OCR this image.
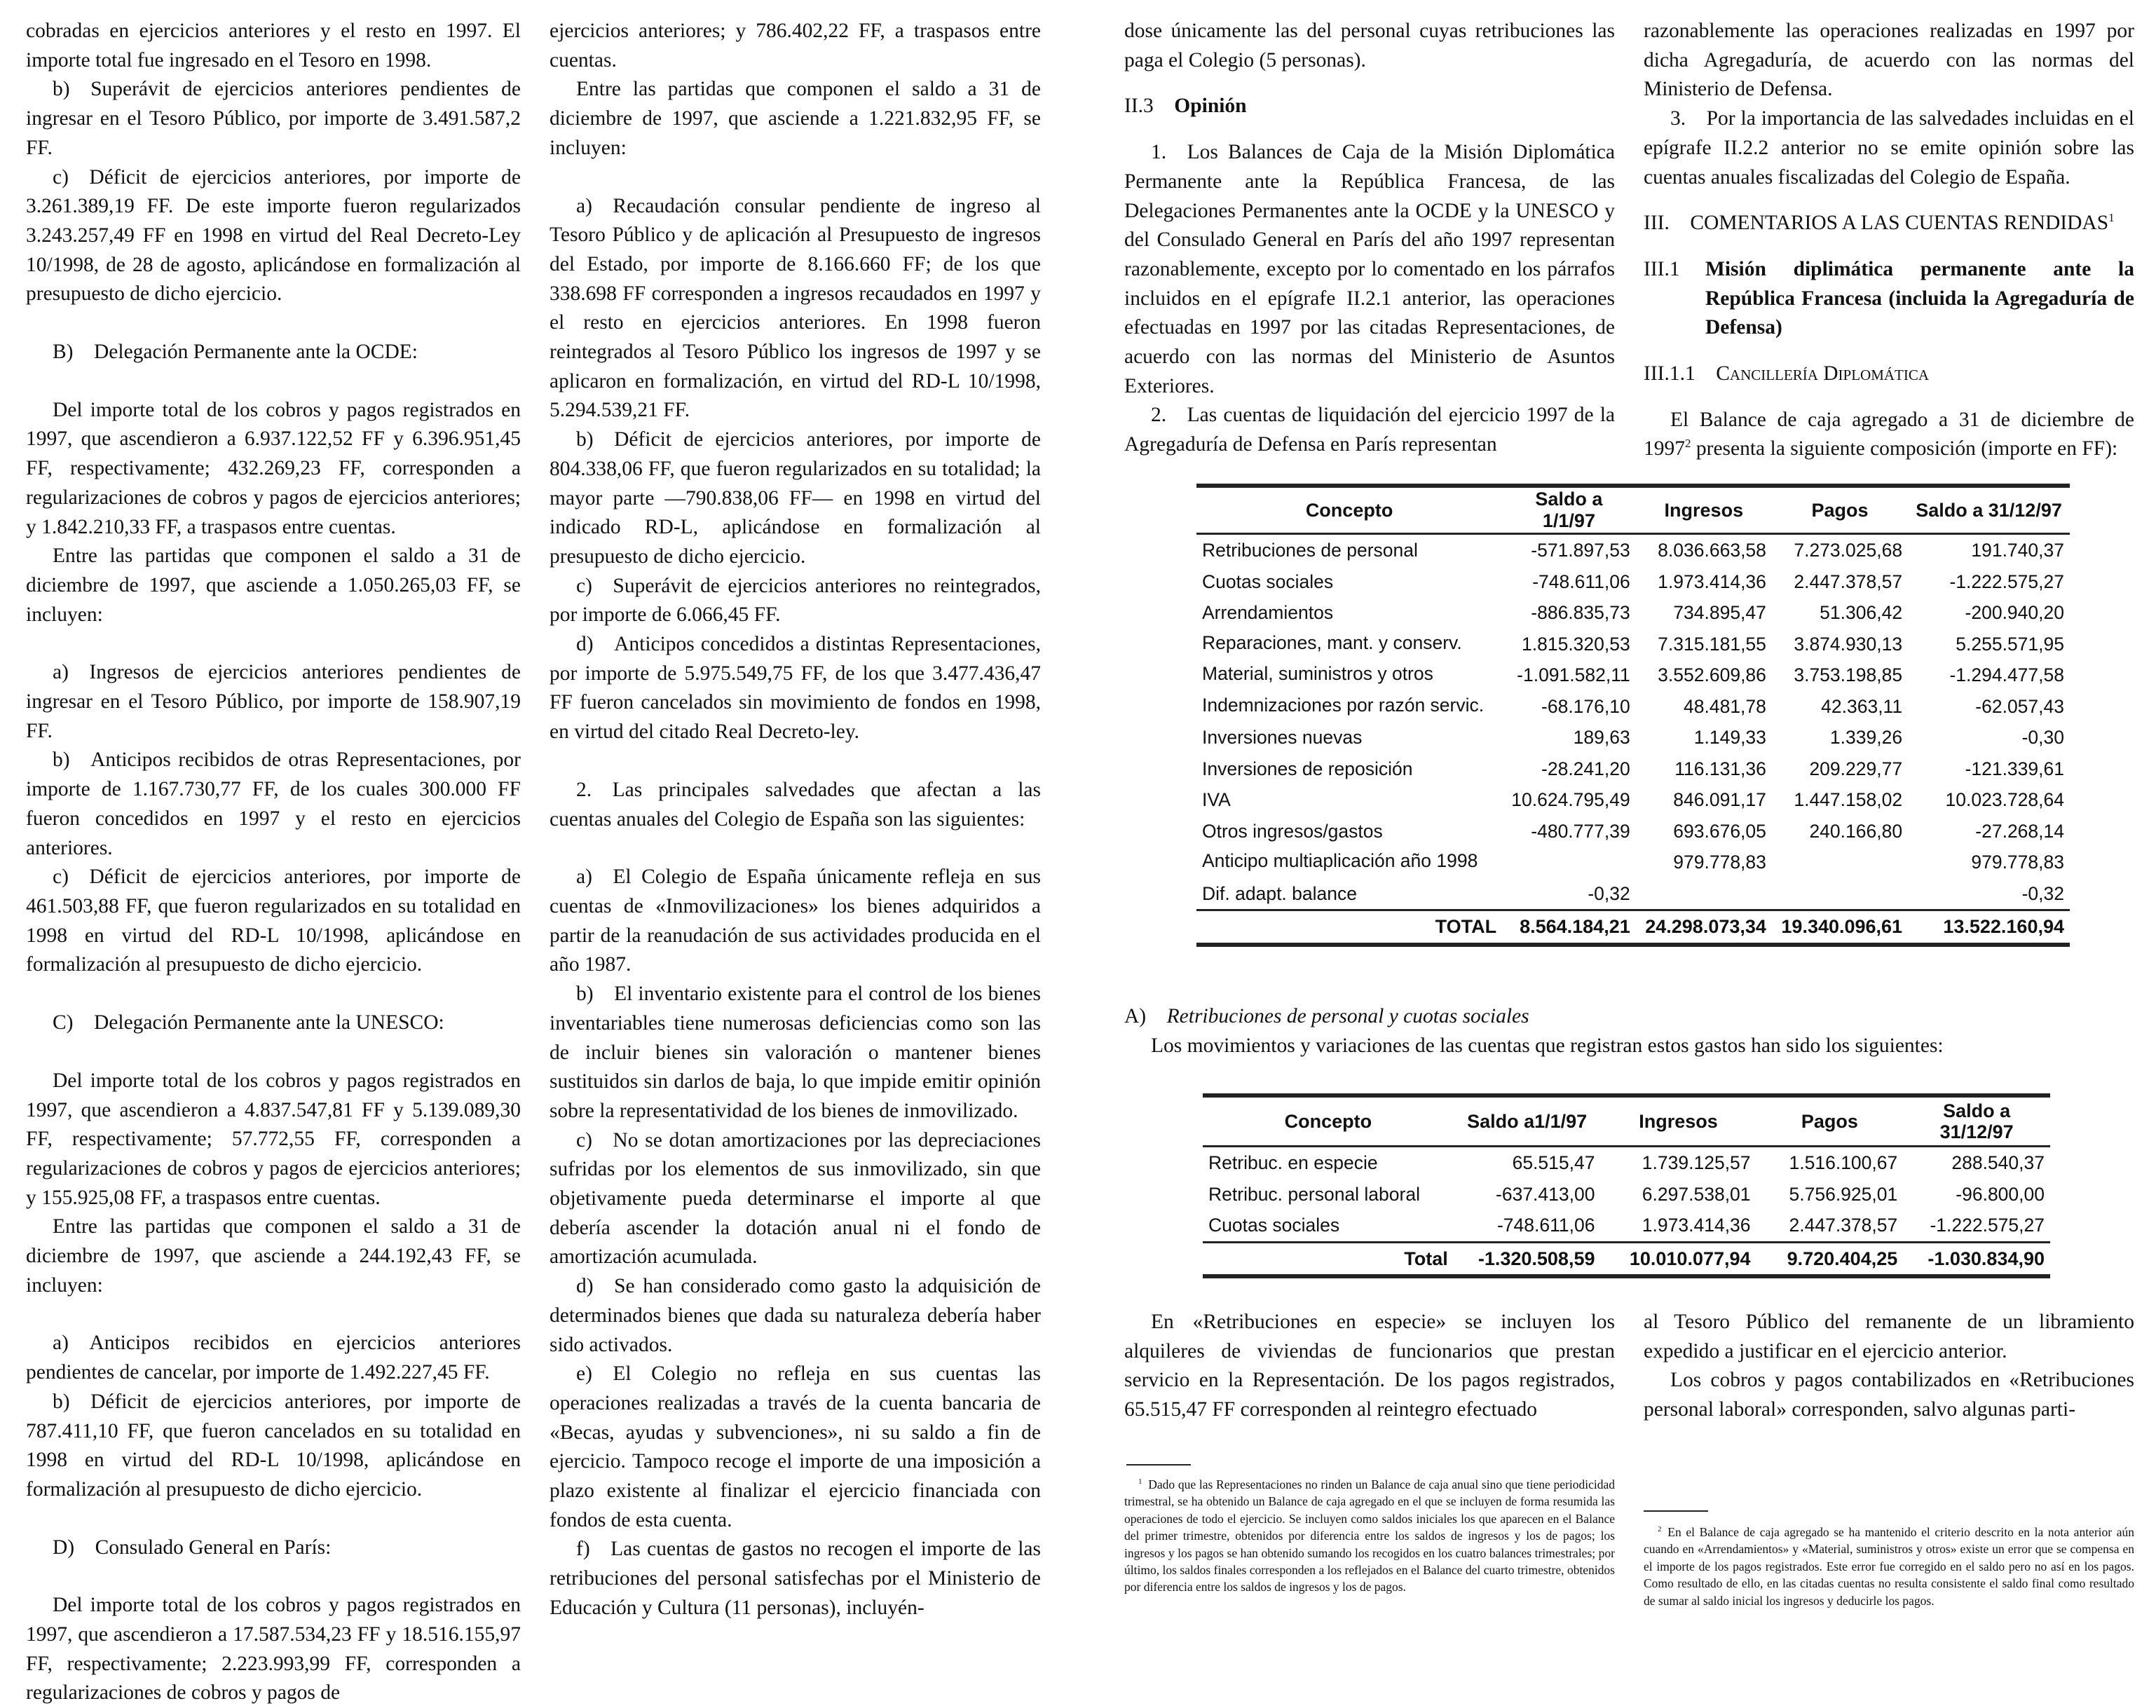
cobradas en ejercicios anteriores y el resto en 1997. El importe total fue ingresado en el Tesoro en 1998.

b) Superávit de ejercicios anteriores pendientes de ingresar en el Tesoro Público, por importe de 3.491.587,2 FF.

c) Déficit de ejercicios anteriores, por importe de 3.261.389,19 FF. De este importe fueron regularizados 3.243.257,49 FF en 1998 en virtud del Real Decreto-Ley 10/1998, de 28 de agosto, aplicándose en formalización al presupuesto de dicho ejercicio.

B) Delegación Permanente ante la OCDE:

Del importe total de los cobros y pagos registrados en 1997, que ascendieron a 6.937.122,52 FF y 6.396.951,45 FF, respectivamente; 432.269,23 FF, corresponden a regularizaciones de cobros y pagos de ejercicios anteriores; y 1.842.210,33 FF, a traspasos entre cuentas.

Entre las partidas que componen el saldo a 31 de diciembre de 1997, que asciende a 1.050.265,03 FF, se incluyen:

a) Ingresos de ejercicios anteriores pendientes de ingresar en el Tesoro Público, por importe de 158.907,19 FF.

b) Anticipos recibidos de otras Representaciones, por importe de 1.167.730,77 FF, de los cuales 300.000 FF fueron concedidos en 1997 y el resto en ejercicios anteriores.

c) Déficit de ejercicios anteriores, por importe de 461.503,88 FF, que fueron regularizados en su totalidad en 1998 en virtud del RD-L 10/1998, aplicándose en formalización al presupuesto de dicho ejercicio.

C) Delegación Permanente ante la UNESCO:

Del importe total de los cobros y pagos registrados en 1997, que ascendieron a 4.837.547,81 FF y 5.139.089,30 FF, respectivamente; 57.772,55 FF, corresponden a regularizaciones de cobros y pagos de ejercicios anteriores; y 155.925,08 FF, a traspasos entre cuentas.

Entre las partidas que componen el saldo a 31 de diciembre de 1997, que asciende a 244.192,43 FF, se incluyen:

a) Anticipos recibidos en ejercicios anteriores pendientes de cancelar, por importe de 1.492.227,45 FF.

b) Déficit de ejercicios anteriores, por importe de 787.411,10 FF, que fueron cancelados en su totalidad en 1998 en virtud del RD-L 10/1998, aplicándose en formalización al presupuesto de dicho ejercicio.

D) Consulado General en París:

Del importe total de los cobros y pagos registrados en 1997, que ascendieron a 17.587.534,23 FF y 18.516.155,97 FF, respectivamente; 2.223.993,99 FF, corresponden a regularizaciones de cobros y pagos de

ejercicios anteriores; y 786.402,22 FF, a traspasos entre cuentas.

Entre las partidas que componen el saldo a 31 de diciembre de 1997, que asciende a 1.221.832,95 FF, se incluyen:

a) Recaudación consular pendiente de ingreso al Tesoro Público y de aplicación al Presupuesto de ingresos del Estado, por importe de 8.166.660 FF; de los que 338.698 FF corresponden a ingresos recaudados en 1997 y el resto en ejercicios anteriores. En 1998 fueron reintegrados al Tesoro Público los ingresos de 1997 y se aplicaron en formalización, en virtud del RD-L 10/1998, 5.294.539,21 FF.

b) Déficit de ejercicios anteriores, por importe de 804.338,06 FF, que fueron regularizados en su totalidad; la mayor parte —790.838,06 FF— en 1998 en virtud del indicado RD-L, aplicándose en formalización al presupuesto de dicho ejercicio.

c) Superávit de ejercicios anteriores no reintegrados, por importe de 6.066,45 FF.

d) Anticipos concedidos a distintas Representaciones, por importe de 5.975.549,75 FF, de los que 3.477.436,47 FF fueron cancelados sin movimiento de fondos en 1998, en virtud del citado Real Decreto-ley.

2. Las principales salvedades que afectan a las cuentas anuales del Colegio de España son las siguientes:

a) El Colegio de España únicamente refleja en sus cuentas de «Inmovilizaciones» los bienes adquiridos a partir de la reanudación de sus actividades producida en el año 1987.

b) El inventario existente para el control de los bienes inventariables tiene numerosas deficiencias como son las de incluir bienes sin valoración o mantener bienes sustituidos sin darlos de baja, lo que impide emitir opinión sobre la representatividad de los bienes de inmovilizado.

c) No se dotan amortizaciones por las depreciaciones sufridas por los elementos de sus inmovilizado, sin que objetivamente pueda determinarse el importe al que debería ascender la dotación anual ni el fondo de amortización acumulada.

d) Se han considerado como gasto la adquisición de determinados bienes que dada su naturaleza debería haber sido activados.

e) El Colegio no refleja en sus cuentas las operaciones realizadas a través de la cuenta bancaria de «Becas, ayudas y subvenciones», ni su saldo a fin de ejercicio. Tampoco recoge el importe de una imposición a plazo existente al finalizar el ejercicio financiada con fondos de esta cuenta.

f) Las cuentas de gastos no recogen el importe de las retribuciones del personal satisfechas por el Ministerio de Educación y Cultura (11 personas), incluyén-

dose únicamente las del personal cuyas retribuciones las paga el Colegio (5 personas).

II.3  Opinión

1. Los Balances de Caja de la Misión Diplomática Permanente ante la República Francesa, de las Delegaciones Permanentes ante la OCDE y la UNESCO y del Consulado General en París del año 1997 representan razonablemente, excepto por lo comentado en los párrafos incluidos en el epígrafe II.2.1 anterior, las operaciones efectuadas en 1997 por las citadas Representaciones, de acuerdo con las normas del Ministerio de Asuntos Exteriores.

2. Las cuentas de liquidación del ejercicio 1997 de la Agregaduría de Defensa en París representan

razonablemente las operaciones realizadas en 1997 por dicha Agregaduría, de acuerdo con las normas del Ministerio de Defensa.

3. Por la importancia de las salvedades incluidas en el epígrafe II.2.2 anterior no se emite opinión sobre las cuentas anuales fiscalizadas del Colegio de España.

III. COMENTARIOS A LAS CUENTAS RENDIDAS$^1$

III.1	Misión diplimática permanente ante la República Francesa (incluida la Agregaduría de Defensa)

III.1.1 Cancillería Diplomática

El Balance de caja agregado a 31 de diciembre de 1997$^2$ presenta la siguiente composición (importe en FF):

Concepto	Saldo a 1/1/97	Ingresos	Pagos	Saldo a 31/12/97
Retribuciones de personal	-571.897,53	8.036.663,58	7.273.025,68	191.740,37
Cuotas sociales	-748.611,06	1.973.414,36	2.447.378,57	-1.222.575,27
Arrendamientos	-886.835,73	734.895,47	51.306,42	-200.940,20
Reparaciones, mant. y conserv.	1.815.320,53	7.315.181,55	3.874.930,13	5.255.571,95
Material, suministros y otros	-1.091.582,11	3.552.609,86	3.753.198,85	-1.294.477,58
Indemnizaciones por razón servic.	-68.176,10	48.481,78	42.363,11	-62.057,43
Inversiones nuevas	189,63	1.149,33	1.339,26	-0,30
Inversiones de reposición	-28.241,20	116.131,36	209.229,77	-121.339,61
IVA	10.624.795,49	846.091,17	1.447.158,02	10.023.728,64
Otros ingresos/gastos	-480.777,39	693.676,05	240.166,80	-27.268,14
Anticipo multiaplicación año 1998		979.778,83		979.778,83
Dif. adapt. balance	-0,32			-0,32
TOTAL	8.564.184,21	24.298.073,34	19.340.096,61	13.522.160,94
A)  Retribuciones de personal y cuotas sociales
Los movimientos y variaciones de las cuentas que registran estos gastos han sido los siguientes:
Concepto	Saldo a1/1/97	Ingresos	Pagos	Saldo a 31/12/97
Retribuc. en especie	65.515,47	1.739.125,57	1.516.100,67	288.540,37
Retribuc. personal laboral	-637.413,00	6.297.538,01	5.756.925,01	-96.800,00
Cuotas sociales	-748.611,06	1.973.414,36	2.447.378,57	-1.222.575,27
Total	-1.320.508,59	10.010.077,94	9.720.404,25	-1.030.834,90

En «Retribuciones en especie» se incluyen los alquileres de viviendas de funcionarios que prestan servicio en la Representación. De los pagos registrados, 65.515,47 FF corresponden al reintegro efectuado

al Tesoro Público del remanente de un libramiento expedido a justificar en el ejercicio anterior.

Los cobros y pagos contabilizados en «Retribuciones personal laboral» corresponden, salvo algunas parti-

$^1$  Dado que las Representaciones no rinden un Balance de caja anual sino que tiene periodicidad trimestral, se ha obtenido un Balance de caja agregado en el que se incluyen de forma resumida las operaciones de todo el ejercicio. Se incluyen como saldos iniciales los que aparecen en el Balance del primer trimestre, obtenidos por diferencia entre los saldos de ingresos y los de pagos; los ingresos y los pagos se han obtenido sumando los recogidos en los cuatro balances trimestrales; por último, los saldos finales corresponden a los reflejados en el Balance del cuarto trimestre, obtenidos por diferencia entre los saldos de ingresos y los de pagos.

$^2$  En el Balance de caja agregado se ha mantenido el criterio descrito en la nota anterior aún cuando en «Arrendamientos» y «Material, suministros y otros» existe un error que se compensa en el importe de los pagos registrados. Este error fue corregido en el saldo pero no así en los pagos. Como resultado de ello, en las citadas cuentas no resulta consistente el saldo final como resultado de sumar al saldo inicial los ingresos y deducirle los pagos.
